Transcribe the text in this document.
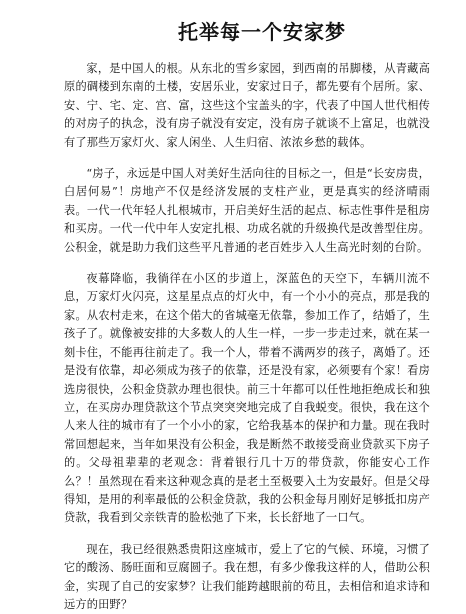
托举每一个安家梦

家，是中国人的根。从东北的雪乡家园，到西南的吊脚楼，从青藏高原的碉楼到东南的土楼，安居乐业，安家过日子，都先要有个居所。家、安、宁、宅、定、宫、富，这些这个宝盖头的字，代表了中国人世代相传的对房子的执念，没有房子就没有安定，没有房子就谈不上富足，也就没有了那些万家灯火、家人闲坐、人生归宿、浓浓乡愁的载体。

“房子，永远是中国人对美好生活向往的目标之一，但是“长安房贵，白居何易”！房地产不仅是经济发展的支柱产业，更是真实的经济晴雨表。一代一代年轻人扎根城市，开启美好生活的起点、标志性事件是租房和买房。一代一代中年人安定扎根、功成名就的升级换代是改善型住房。公积金，就是助力我们这些平凡普通的老百姓步入人生高光时刻的台阶。

夜幕降临，我徜徉在小区的步道上，深蓝色的天空下，车辆川流不息，万家灯火闪亮，这星星点点的灯火中，有一个小小的亮点，那是我的家。从农村走来，在这个偌大的省城毫无依靠，参加工作了，结婚了，生孩子了。就像被安排的大多数人的人生一样，一步一步走过来，就在某一刻卡住，不能再往前走了。我一个人，带着不满两岁的孩子，离婚了。还是没有依靠，却必须成为孩子的依靠，还是没有家，必须要有个家！看房选房很快，公积金贷款办理也很快。前三十年都可以任性地拒绝成长和独立，在买房办理贷款这个节点突突突地完成了自我蜕变。很快，我在这个人来人往的城市有了一个小小的家，它给我基本的保护和力量。现在我时常回想起来，当年如果没有公积金，我是断然不敢接受商业贷款买下房子的。父母祖辈辈的老观念：背着银行几十万的带贷款，你能安心工作么？！虽然现在看来这种观念真的是老土至极要入土为安最好。但是父母得知，是用的利率最低的公积金贷款，我的公积金每月刚好足够抵扣房产贷款，我看到父亲铁青的脸松弛了下来，长长舒地了一口气。

现在，我已经很熟悉贵阳这座城市，爱上了它的气候、环境，习惯了它的酸汤、肠旺面和豆腐圆子。我在想，有多少像我这样的人，借助公积金，实现了自己的安家梦？让我们能跨越眼前的苟且，去相信和追求诗和远方的田野？
